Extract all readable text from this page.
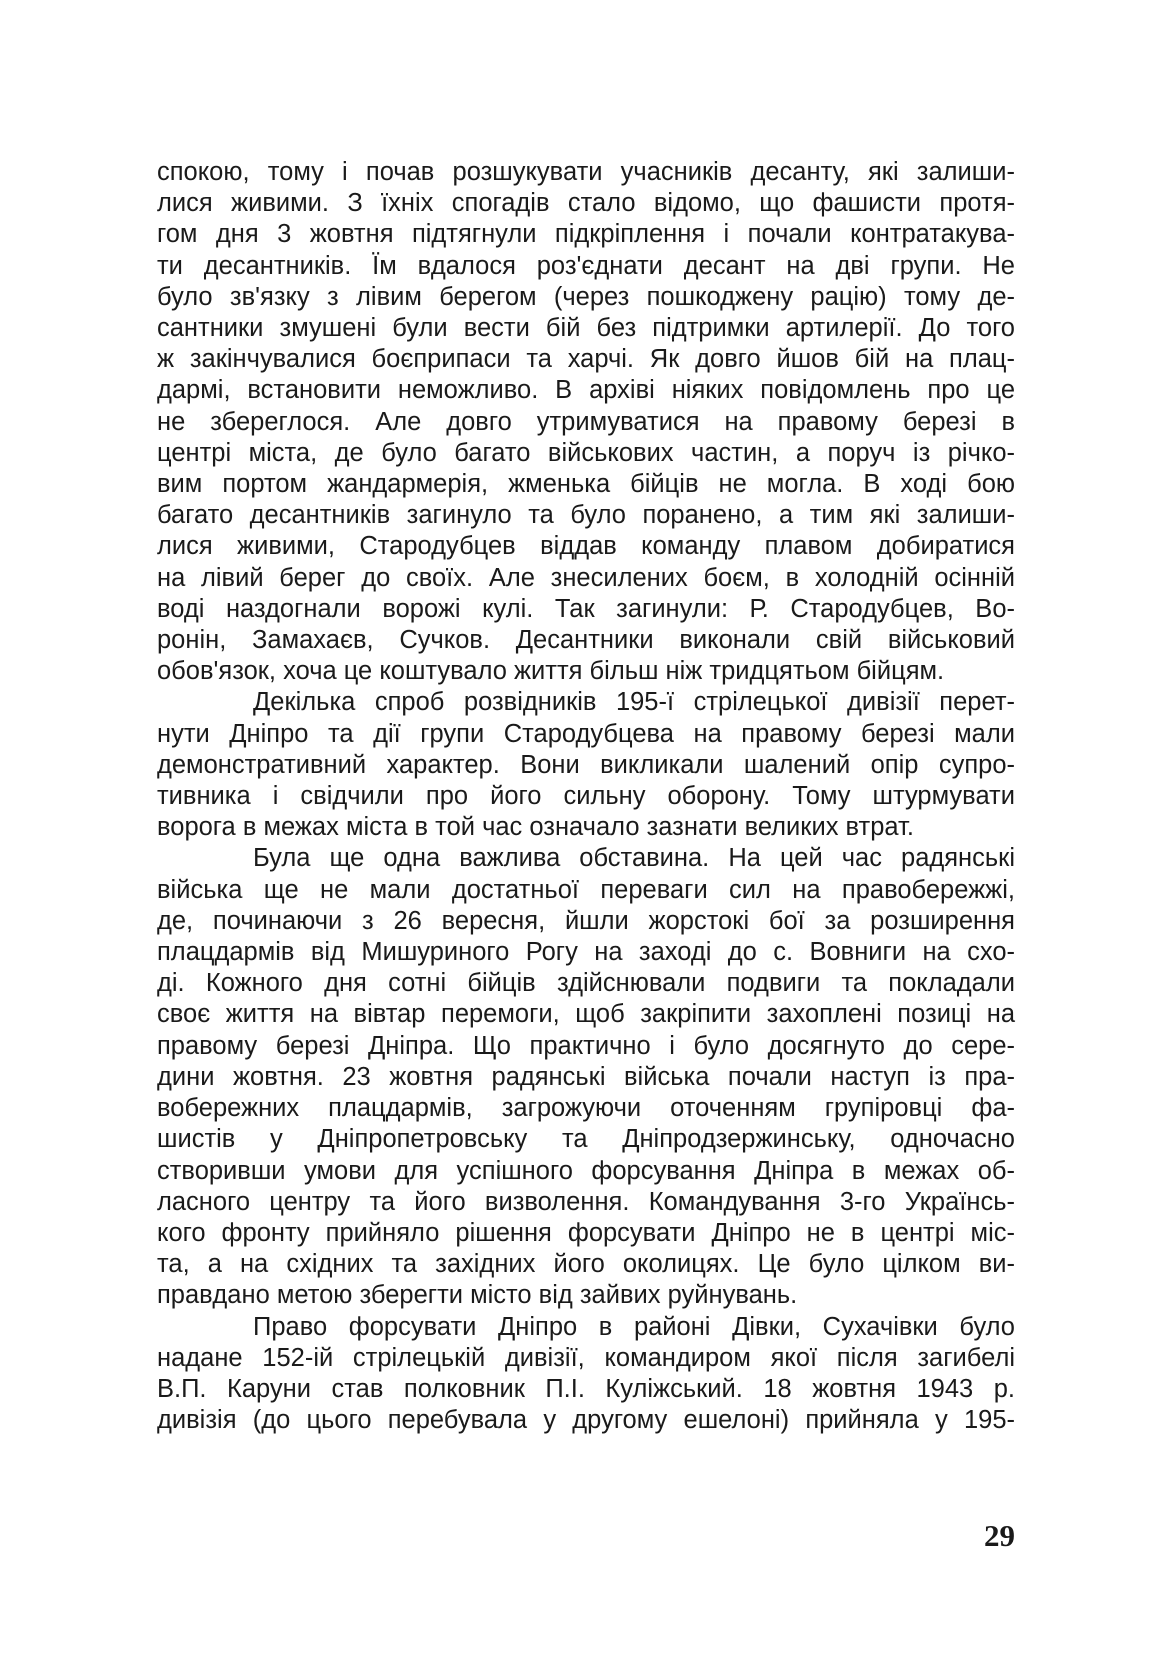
спокою, тому і почав розшукувати учасників десанту, які залиши-
лися живими. З їхніх спогадів стало відомо, що фашисти протя-
гом дня 3 жовтня підтягнули підкріплення і почали контратакува-
ти десантників. Їм вдалося роз'єднати десант на дві групи. Не
було зв'язку з лівим берегом (через пошкоджену рацію) тому де-
сантники змушені були вести бій без підтримки артилерії. До того
ж закінчувалися боєприпаси та харчі. Як довго йшов бій на плац-
дармі, встановити неможливо. В архіві ніяких повідомлень про це
не збереглося. Але довго утримуватися на правому березі в
центрі міста, де було багато військових частин, а поруч із річко-
вим портом жандармерія, жменька бійців не могла. В ході бою
багато десантників загинуло та було поранено, а тим які залиши-
лися живими, Стародубцев віддав команду плавом добиратися
на лівий берег до своїх. Але знесилених боєм, в холодній осінній
воді наздогнали ворожі кулі. Так загинули: Р. Стародубцев, Во-
ронін, Замахаєв, Сучков. Десантники виконали свій військовий
обов'язок, хоча це коштувало життя більш ніж тридцятьом бійцям.
Декілька спроб розвідників 195-ї стрілецької дивізії перет-
нути Дніпро та дії групи Стародубцева на правому березі мали
демонстративний характер. Вони викликали шалений опір супро-
тивника і свідчили про його сильну оборону. Тому штурмувати
ворога в межах міста в той час означало зазнати великих втрат.
Була ще одна важлива обставина. На цей час радянські
війська ще не мали достатньої переваги сил на правобережжі,
де, починаючи з 26 вересня, йшли жорстокі бої за розширення
плацдармів від Мишуриного Рогу на заході до с. Вовниги на схо-
ді. Кожного дня сотні бійців здійснювали подвиги та покладали
своє життя на вівтар перемоги, щоб закріпити захоплені позиці на
правому березі Дніпра. Що практично і було досягнуто до сере-
дини жовтня. 23 жовтня радянські війська почали наступ із пра-
вобережних плацдармів, загрожуючи оточенням групіровці фа-
шистів у Дніпропетровську та Дніпродзержинську, одночасно
створивши умови для успішного форсування Дніпра в межах об-
ласного центру та його визволення. Командування 3-го Українсь-
кого фронту прийняло рішення форсувати Дніпро не в центрі міс-
та, а на східних та західних його околицях. Це було цілком ви-
правдано метою зберегти місто від зайвих руйнувань.
Право форсувати Дніпро в районі Дівки, Сухачівки було
надане 152-ій стрілецькій дивізії, командиром якої після загибелі
В.П. Каруни став полковник П.І. Куліжський. 18 жовтня 1943 р.
дивізія (до цього перебувала у другому ешелоні) прийняла у 195-
29
